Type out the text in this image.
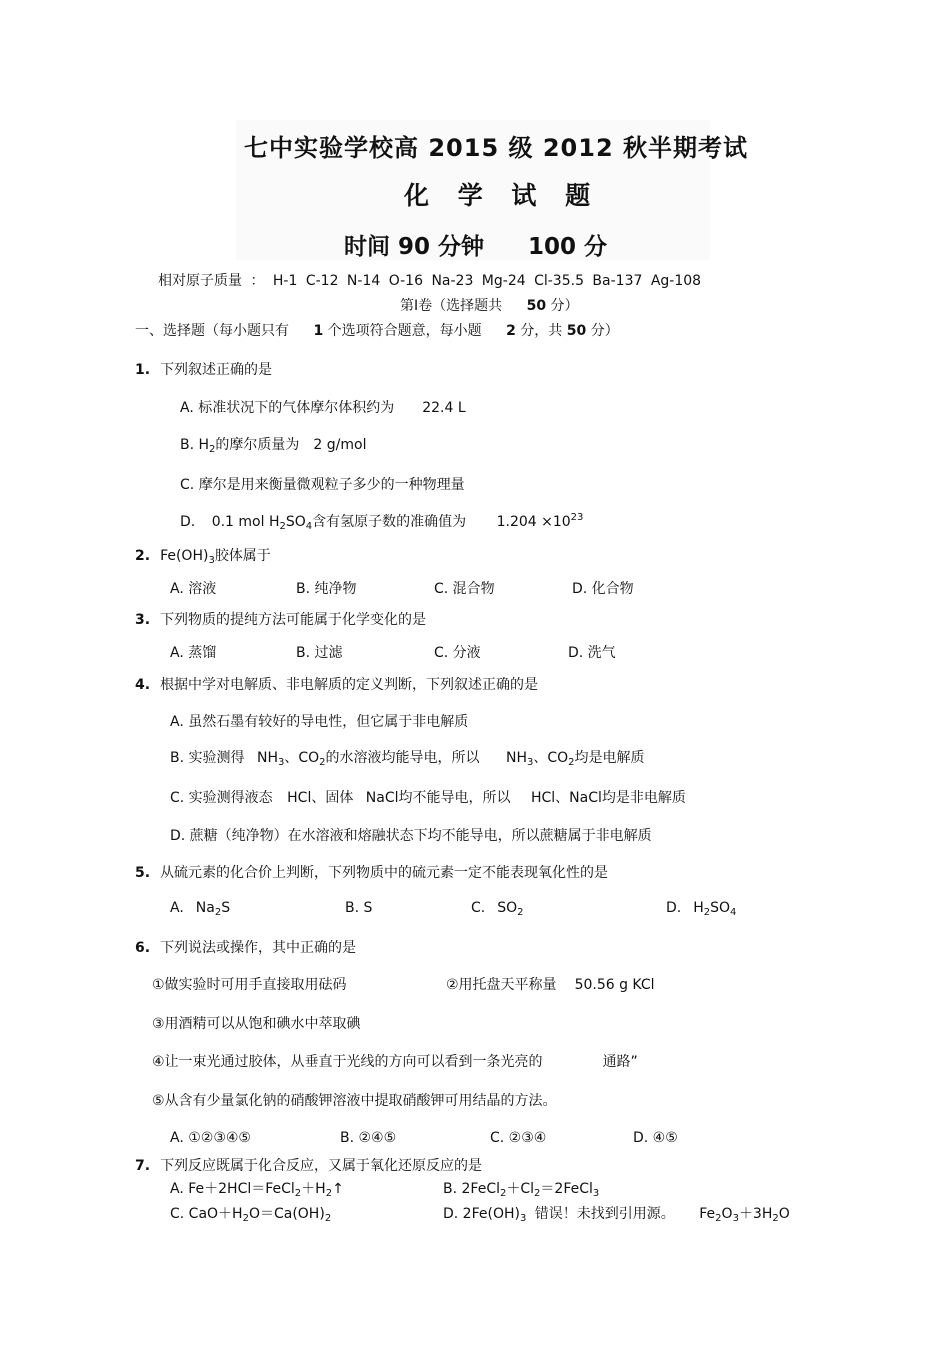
七中实验学校高 2015 级 2012 秋半期考试
化 学 试 题
时间 90 分钟 100 分
相对原子质量 ： H-1 C-12 N-14 O-16 Na-23 Mg-24 Cl-35.5 Ba-137 Ag-108
第Ⅰ卷（选择题共 50 分）
一、选择题（每小题只有 1 个选项符合题意，每小题 2 分，共 50 分）
1. 下列叙述正确的是
A. 标准状况下的气体摩尔体积约为 22.4 L
B. $H_2$的摩尔质量为 2 g/mol
C. 摩尔是用来衡量微观粒子多少的一种物理量
D. 0.1 mol $H_2SO_4$含有氢原子数的准确值为 $1.204 \times 10^{23}$
2. $Fe(OH)_3$胶体属于
A. 溶液	B. 纯净物	C. 混合物	D. 化合物
3. 下列物质的提纯方法可能属于化学变化的是
A. 蒸馏	B. 过滤	C. 分液	D. 洗气
4. 根据中学对电解质、非电解质的定义判断，下列叙述正确的是
A. 虽然石墨有较好的导电性，但它属于非电解质
B. 实验测得 $NH_3$、$CO_2$的水溶液均能导电，所以 $NH_3$、$CO_2$均是电解质
C. 实验测得液态 HCl、固体 NaCl均不能导电，所以 HCl、NaCl均是非电解质
D. 蔗糖（纯净物）在水溶液和熔融状态下均不能导电，所以蔗糖属于非电解质
5. 从硫元素的化合价上判断，下列物质中的硫元素一定不能表现氧化性的是
A. $Na_2S$	B. S	C. $SO_2$	D. $H_2SO_4$
6. 下列说法或操作，其中正确的是
①做实验时可用手直接取用砝码	②用托盘天平称量 50.56 g KCl
③用酒精可以从饱和碘水中萃取碘
④让一束光通过胶体，从垂直于光线的方向可以看到一条光亮的	通路”
⑤从含有少量氯化钠的硝酸钾溶液中提取硝酸钾可用结晶的方法。
A. ①②③④⑤	B. ②④⑤	C. ②③④	D. ④⑤
7. 下列反应既属于化合反应，又属于氧化还原反应的是
A. $Fe+2HCl=FeCl_2+H_2↑$	B. $2FeCl_2+Cl_2=2FeCl_3$
C. $CaO+H_2O=Ca(OH)_2$	D. $2Fe(OH)_3$ 错误！未找到引用源。 $Fe_2O_3+3H_2O$
